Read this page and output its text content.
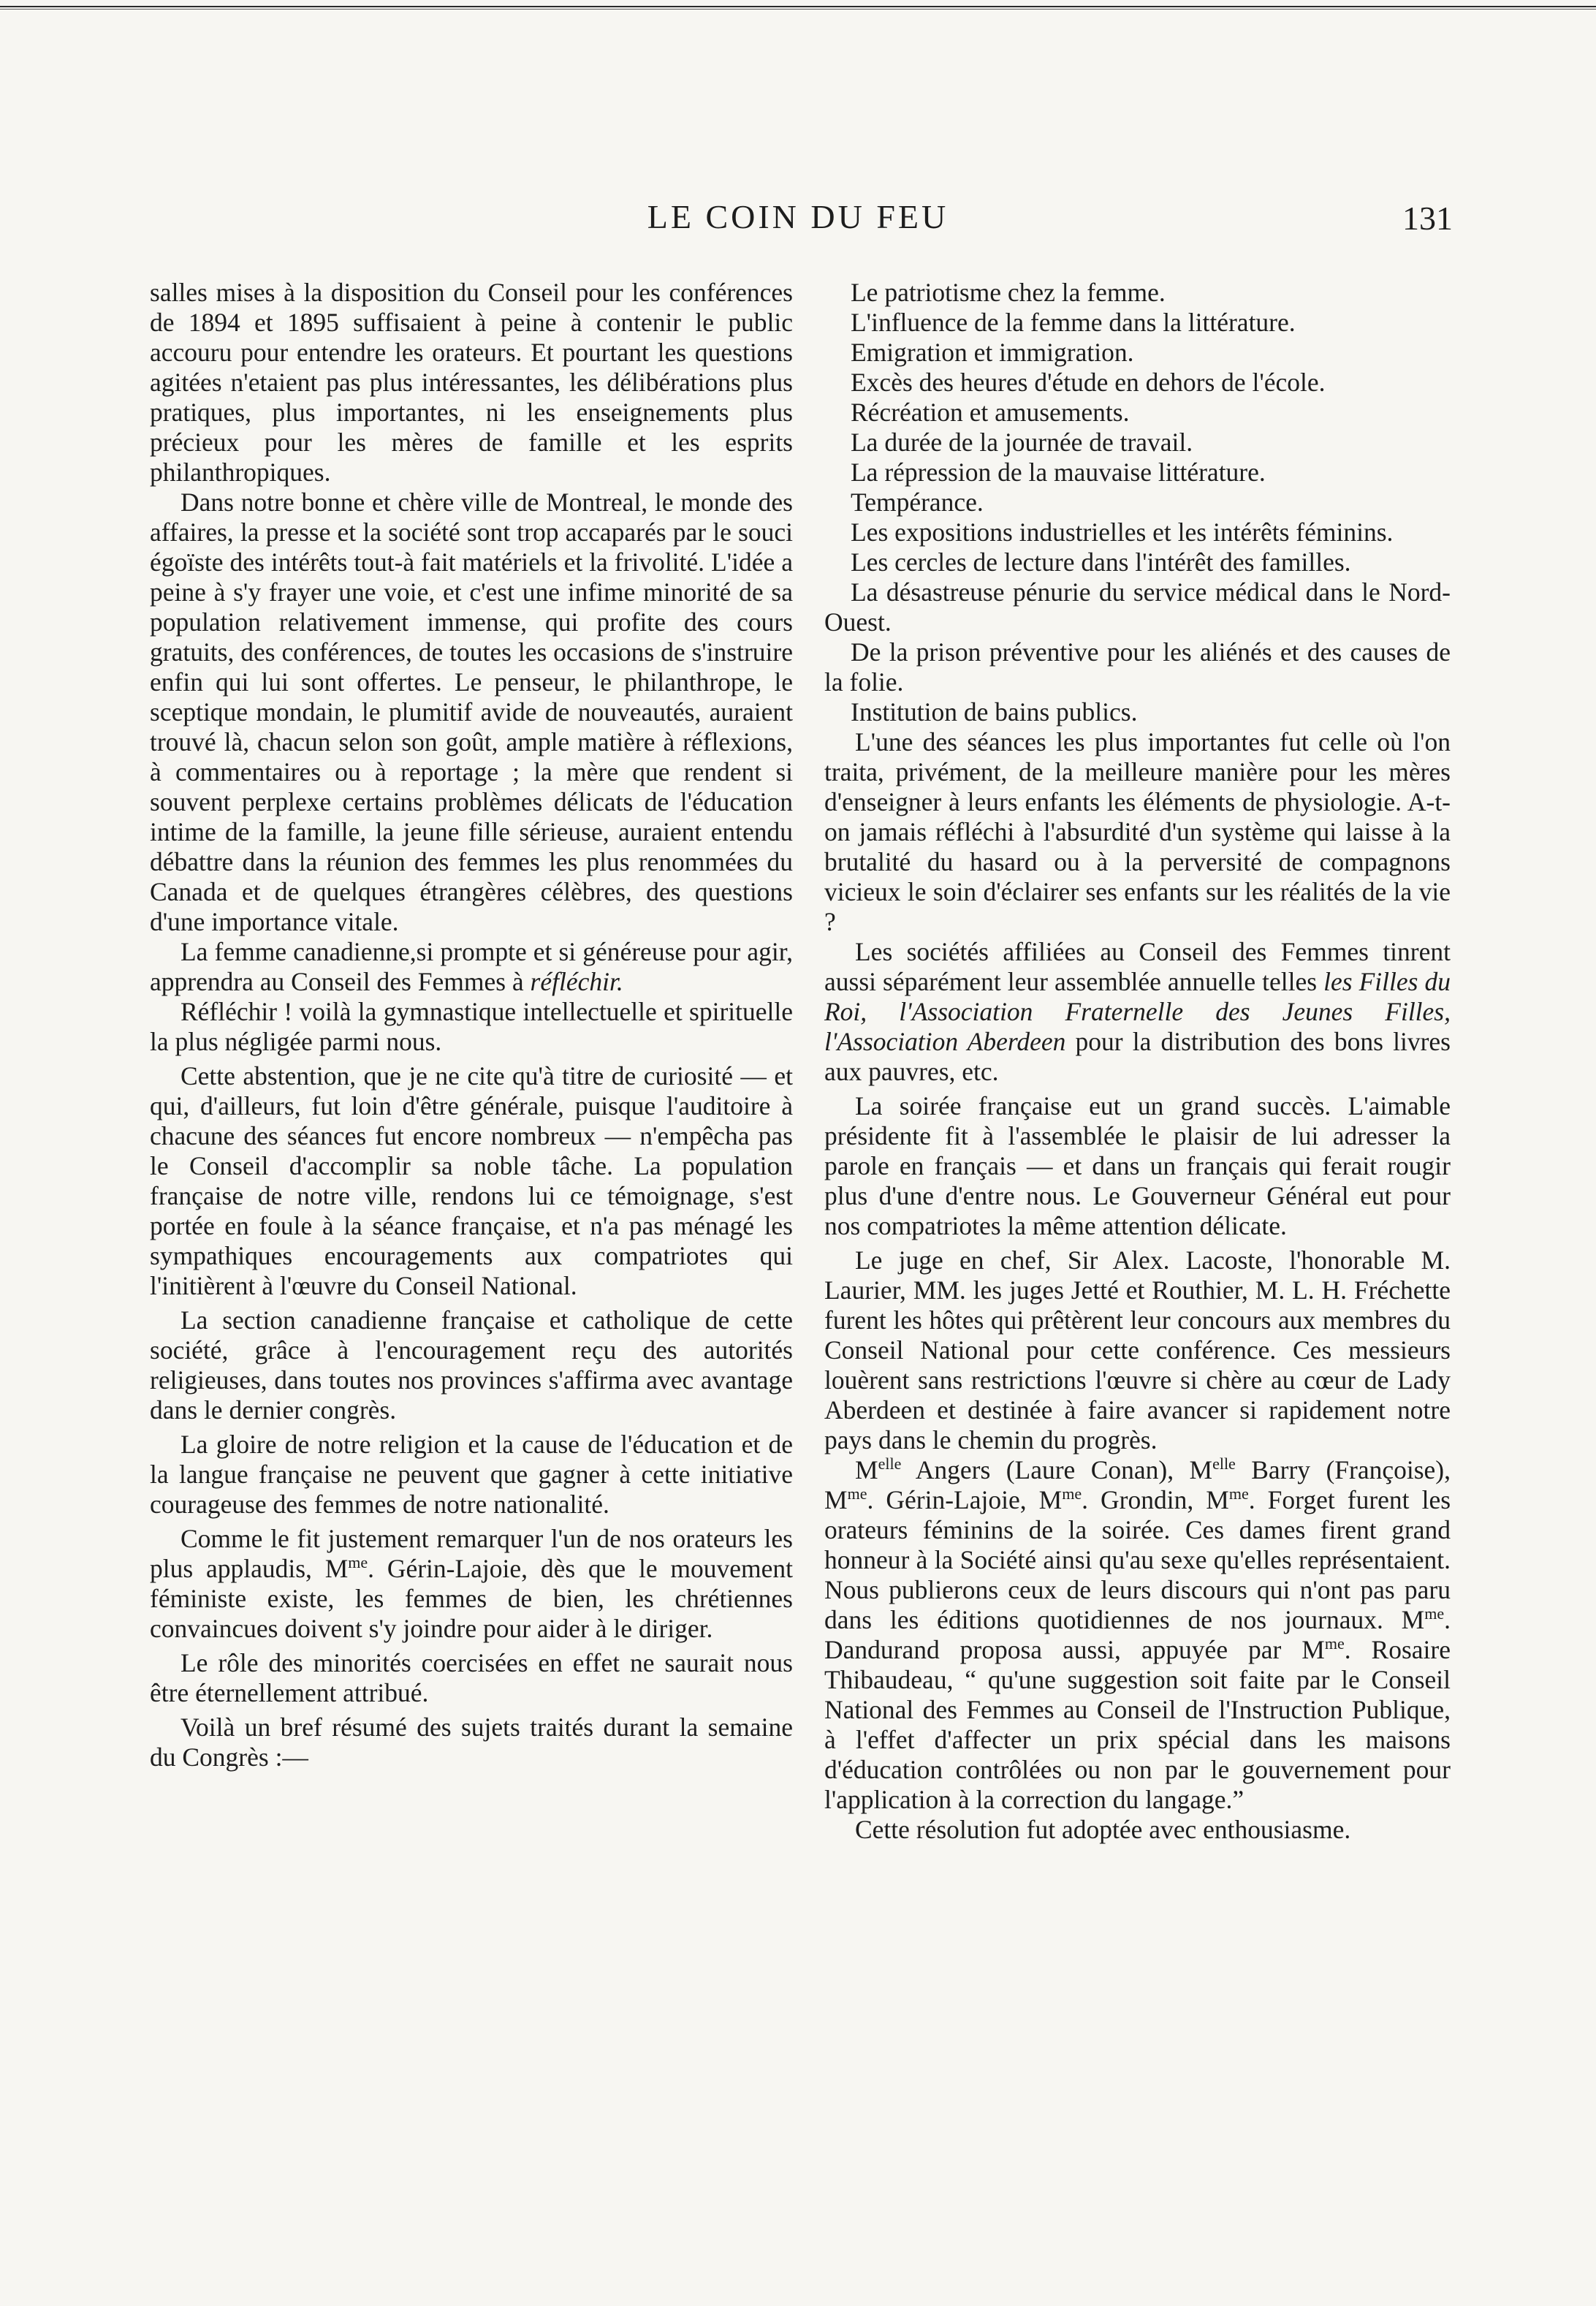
LE COIN DU FEU	131

salles mises à la disposition du Conseil pour les conférences de 1894 et 1895 suffisaient à peine à contenir le public accouru pour entendre les orateurs. Et pourtant les questions agitées n'etaient pas plus intéressantes, les délibérations plus pratiques, plus importantes, ni les enseignements plus précieux pour les mères de famille et les esprits philanthropiques.

Dans notre bonne et chère ville de Montreal, le monde des affaires, la presse et la société sont trop accaparés par le souci égoïste des intérêts tout-à fait matériels et la frivolité. L'idée a peine à s'y frayer une voie, et c'est une infime minorité de sa population relativement immense, qui profite des cours gratuits, des conférences, de toutes les occasions de s'instruire enfin qui lui sont offertes. Le penseur, le philanthrope, le sceptique mondain, le plumitif avide de nouveautés, auraient trouvé là, chacun selon son goût, ample matière à réflexions, à commentaires ou à reportage ; la mère que rendent si souvent perplexe certains problèmes délicats de l'éducation intime de la famille, la jeune fille sérieuse, auraient entendu débattre dans la réunion des femmes les plus renommées du Canada et de quelques étrangères célèbres, des questions d'une importance vitale.

La femme canadienne,si prompte et si généreuse pour agir, apprendra au Conseil des Femmes à réfléchir.

Réfléchir ! voilà la gymnastique intellectuelle et spirituelle la plus négligée parmi nous.

Cette abstention, que je ne cite qu'à titre de curiosité — et qui, d'ailleurs, fut loin d'être générale, puisque l'auditoire à chacune des séances fut encore nombreux — n'empêcha pas le Conseil d'accomplir sa noble tâche. La population française de notre ville, rendons lui ce témoignage, s'est portée en foule à la séance française, et n'a pas ménagé les sympathiques encouragements aux compatriotes qui l'initièrent à l'œuvre du Conseil National.

La section canadienne française et catholique de cette société, grâce à l'encouragement reçu des autorités religieuses, dans toutes nos provinces s'affirma avec avantage dans le dernier congrès.

La gloire de notre religion et la cause de l'éducation et de la langue française ne peuvent que gagner à cette initiative courageuse des femmes de notre nationalité.

Comme le fit justement remarquer l'un de nos orateurs les plus applaudis, $M^{me}$. Gérin-Lajoie, dès que le mouvement féministe existe, les femmes de bien, les chrétiennes convaincues doivent s'y joindre pour aider à le diriger.

Le rôle des minorités coercisées en effet ne saurait nous être éternellement attribué.

Voilà un bref résumé des sujets traités durant la semaine du Congrès :—

Le patriotisme chez la femme.

L'influence de la femme dans la littérature.

Emigration et immigration.

Excès des heures d'étude en dehors de l'école.

Récréation et amusements.

La durée de la journée de travail.

La répression de la mauvaise littérature.

Tempérance.

Les expositions industrielles et les intérêts féminins.

Les cercles de lecture dans l'intérêt des familles.

La désastreuse pénurie du service médical dans le Nord-Ouest.

De la prison préventive pour les aliénés et des causes de la folie.

Institution de bains publics.

L'une des séances les plus importantes fut celle où l'on traita, privément, de la meilleure manière pour les mères d'enseigner à leurs enfants les éléments de physiologie. A-t-on jamais réfléchi à l'absurdité d'un système qui laisse à la brutalité du hasard ou à la perversité de compagnons vicieux le soin d'éclairer ses enfants sur les réalités de la vie ?

Les sociétés affiliées au Conseil des Femmes tinrent aussi séparément leur assemblée annuelle telles les Filles du Roi, l'Association Fraternelle des Jeunes Filles, l'Association Aberdeen pour la distribution des bons livres aux pauvres, etc.

La soirée française eut un grand succès. L'aimable présidente fit à l'assemblée le plaisir de lui adresser la parole en français — et dans un français qui ferait rougir plus d'une d'entre nous. Le Gouverneur Général eut pour nos compatriotes la même attention délicate.

Le juge en chef, Sir Alex. Lacoste, l'honorable M. Laurier, MM. les juges Jetté et Routhier, M. L. H. Fréchette furent les hôtes qui prêtèrent leur concours aux membres du Conseil National pour cette conférence. Ces messieurs louèrent sans restrictions l'œuvre si chère au cœur de Lady Aberdeen et destinée à faire avancer si rapidement notre pays dans le chemin du progrès.

$M^{elle}$ Angers (Laure Conan), $M^{elle}$ Barry (Françoise), $M^{me}$. Gérin-Lajoie, $M^{me}$. Grondin, $M^{me}$. Forget furent les orateurs féminins de la soirée. Ces dames firent grand honneur à la Société ainsi qu'au sexe qu'elles représentaient. Nous publierons ceux de leurs discours qui n'ont pas paru dans les éditions quotidiennes de nos journaux. $M^{me}$. Dandurand proposa aussi, appuyée par $M^{me}$. Rosaire Thibaudeau, “ qu'une suggestion soit faite par le Conseil National des Femmes au Conseil de l'Instruction Publique, à l'effet d'affecter un prix spécial dans les maisons d'éducation contrôlées ou non par le gouvernement pour l'application à la correction du langage.”

Cette résolution fut adoptée avec enthousiasme.
